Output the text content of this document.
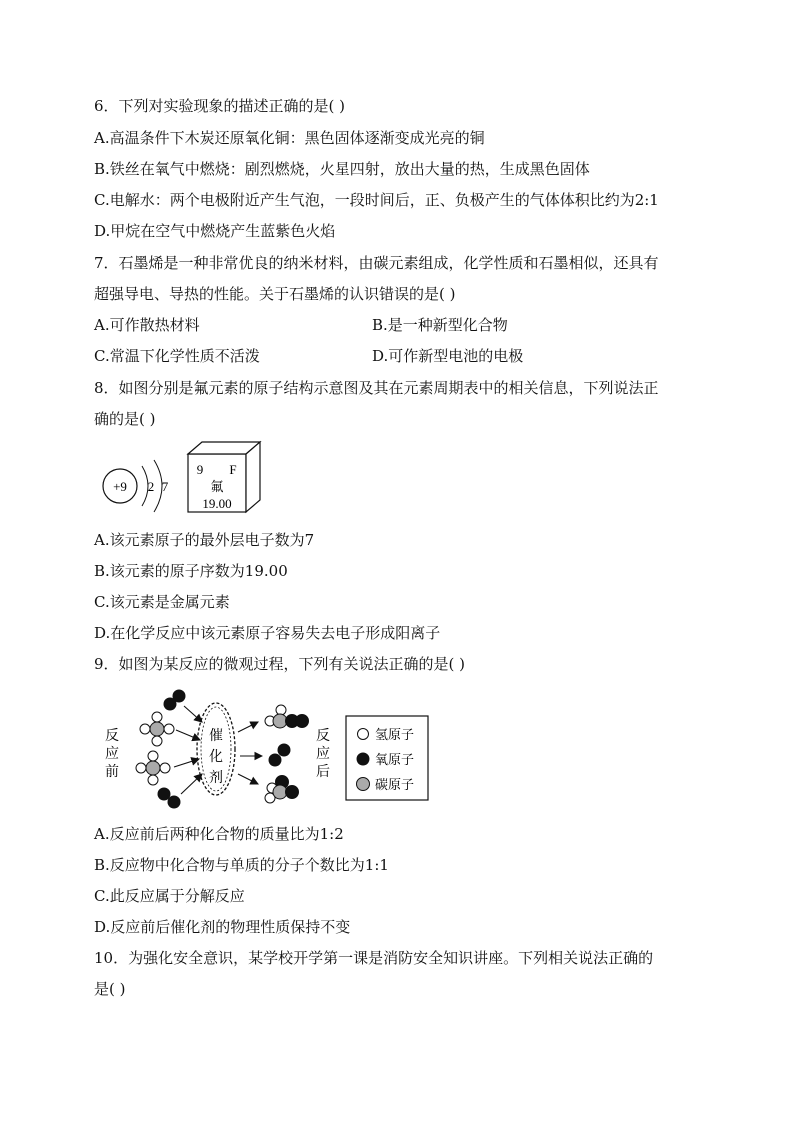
6．下列对实验现象的描述正确的是( )
A.高温条件下木炭还原氧化铜：黑色固体逐渐变成光亮的铜
B.铁丝在氧气中燃烧：剧烈燃烧，火星四射，放出大量的热，生成黑色固体
C.电解水：两个电极附近产生气泡，一段时间后，正、负极产生的气体体积比约为2:1
D.甲烷在空气中燃烧产生蓝紫色火焰
7．石墨烯是一种非常优良的纳米材料，由碳元素组成，化学性质和石墨相似，还具有
超强导电、导热的性能。关于石墨烯的认识错误的是( )
A.可作散热材料	B.是一种新型化合物
C.常温下化学性质不活泼	D.可作新型电池的电极
8．如图分别是氟元素的原子结构示意图及其在元素周期表中的相关信息，下列说法正
确的是( )
+9 2 7
9 F
氟
19.00
A.该元素原子的最外层电子数为7
B.该元素的原子序数为19.00
C.该元素是金属元素
D.在化学反应中该元素原子容易失去电子形成阳离子
9．如图为某反应的微观过程，下列有关说法正确的是( )
反
应
前
催
化
剂
反
应
后
氢原子
氧原子
碳原子
A.反应前后两种化合物的质量比为1:2
B.反应物中化合物与单质的分子个数比为1:1
C.此反应属于分解反应
D.反应前后催化剂的物理性质保持不变
10．为强化安全意识，某学校开学第一课是消防安全知识讲座。下列相关说法正确的
是( )
